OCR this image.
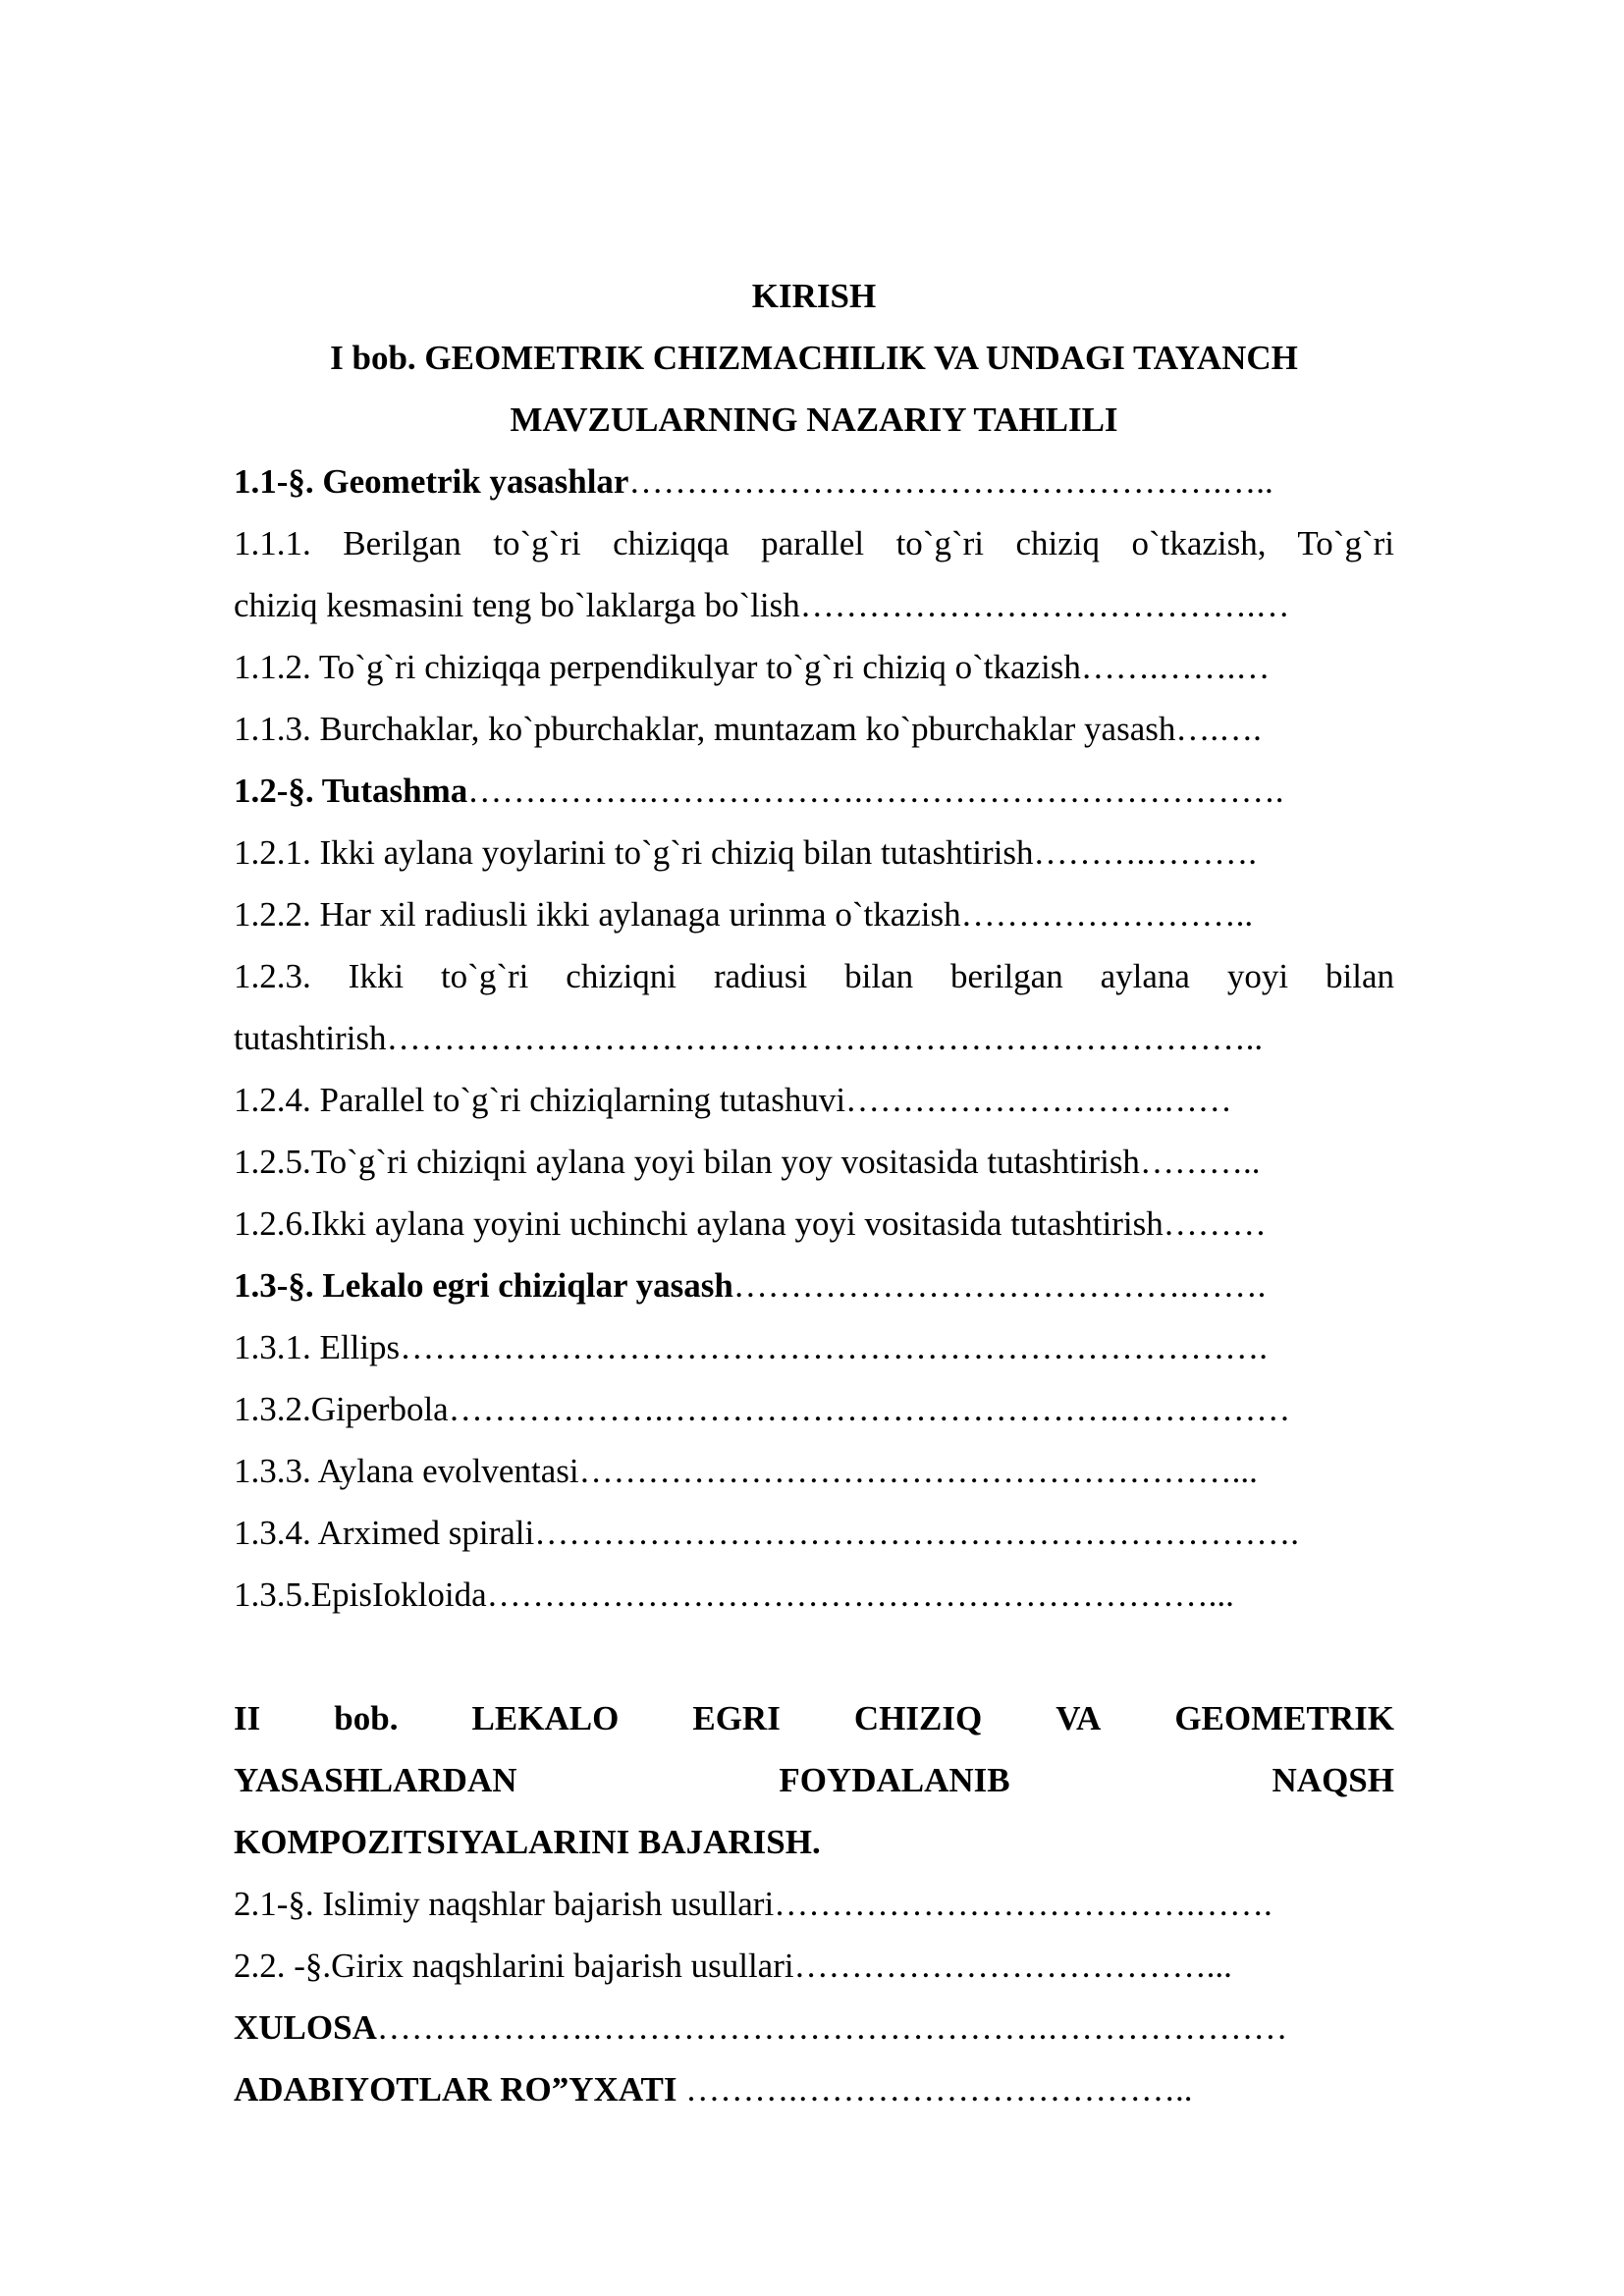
KIRISH
I bob. GEOMETRIK CHIZMACHILIK VA UNDAGI TAYANCH
MAVZULARNING NAZARIY TAHLILI
1.1-§. Geometrik yasashlar…………………………………………….…..
1.1.1. Berilgan to`g`ri chiziqqa parallel to`g`ri chiziq o`tkazish, To`g`ri
chiziq kesmasini teng bo`laklarga bo`lish………………………………….…
1.1.2. To`g`ri chiziqqa perpendikulyar to`g`ri chiziq o`tkazish…….…….…
1.1.3. Burchaklar, ko`pburchaklar, muntazam ko`pburchaklar yasash….….
1.2-§. Tutashma…………….……………….……………………………….
1.2.1. Ikki aylana yoylarini to`g`ri chiziq bilan tutashtirish……….……….
1.2.2. Har xil radiusli ikki aylanaga urinma o`tkazish……………………..
1.2.3. Ikki to`g`ri chiziqni radiusi bilan berilgan aylana yoyi bilan
tutashtirish…………………………………………………………………..
1.2.4. Parallel to`g`ri chiziqlarning tutashuvi……………………….……
1.2.5.To`g`ri chiziqni aylana yoyi bilan yoy vositasida tutashtirish………..
1.2.6.Ikki aylana yoyini uchinchi aylana yoyi vositasida tutashtirish………
1.3-§. Lekalo egri chiziqlar yasash………………………………….…….
1.3.1. Ellips………………………………………………………………….
1.3.2.Giperbola……………….………………………………….……………
1.3.3. Aylana evolventasi…………………………………………………...
1.3.4. Arximed spirali………………………………………………………….
1.3.5.EpisIokloida………………………………………………………...
II bob. LEKALO EGRI CHIZIQ VA GEOMETRIK
YASASHLARDAN	FOYDALANIB	NAQSH
KOMPOZITSIYALARINI BAJARISH.
2.1-§. Islimiy naqshlar bajarish usullari……………………………….…….
2.2. -§.Girix naqshlarini bajarish usullari………………………………...
XULOSA……………….………………………………….…………………
ADABIYOTLAR RO”YXATI ……….……………………………..
